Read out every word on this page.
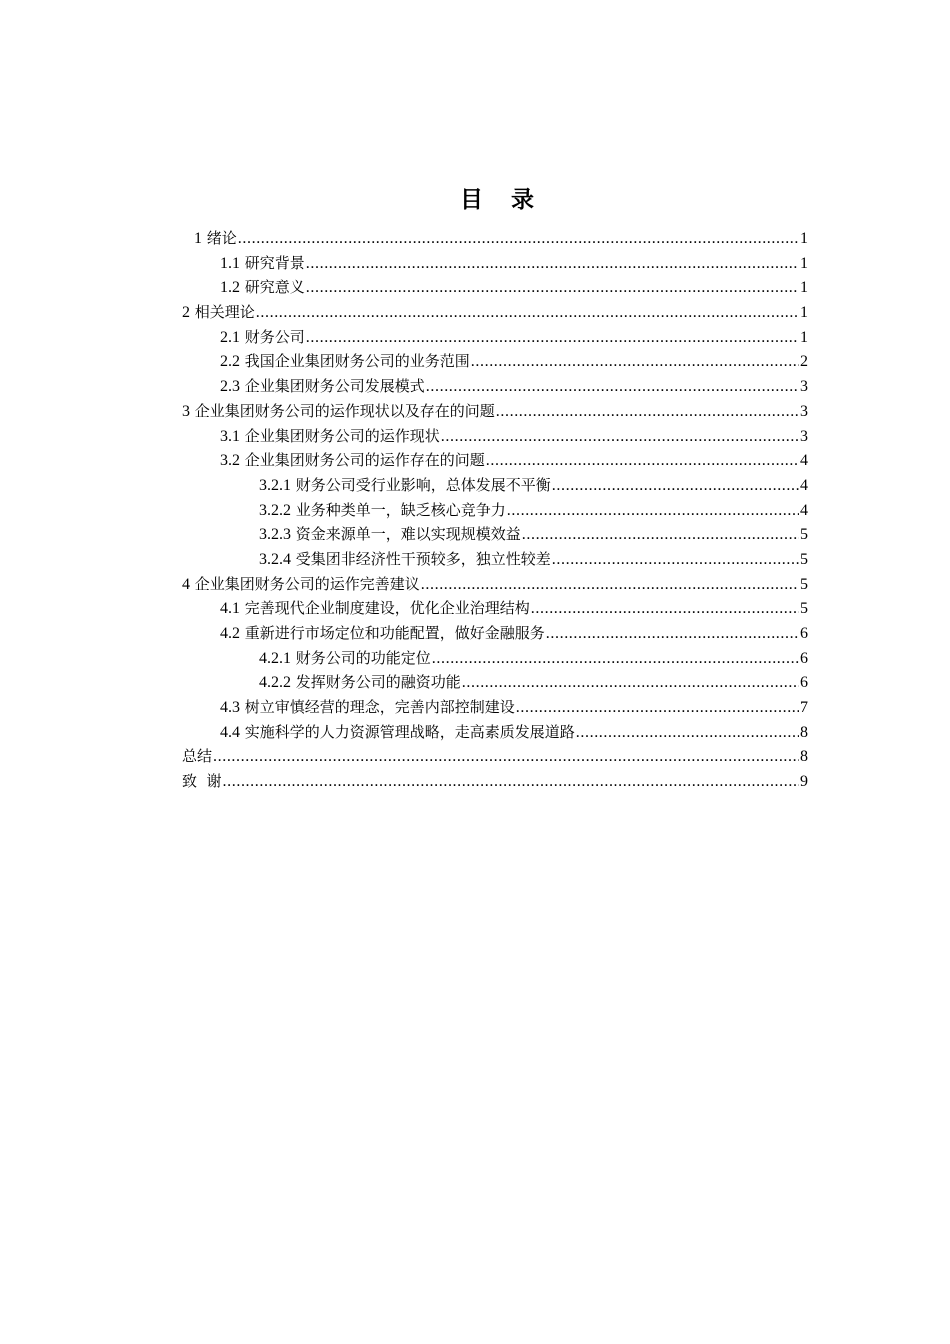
目 录
1 绪论 .....	1
1.1 研究背景 .....	1
1.2 研究意义 .....	1
2 相关理论 .....	1
2.1 财务公司 .....	1
2.2 我国企业集团财务公司的业务范围 .....	2
2.3 企业集团财务公司发展模式 .....	3
3 企业集团财务公司的运作现状以及存在的问题 .....	3
3.1 企业集团财务公司的运作现状 .....	3
3.2 企业集团财务公司的运作存在的问题 .....	4
3.2.1 财务公司受行业影响，总体发展不平衡 .....	4
3.2.2 业务种类单一，缺乏核心竞争力 .....	4
3.2.3 资金来源单一，难以实现规模效益 .....	5
3.2.4 受集团非经济性干预较多，独立性较差 .....	5
4 企业集团财务公司的运作完善建议 .....	5
4.1 完善现代企业制度建设，优化企业治理结构 .....	5
4.2 重新进行市场定位和功能配置，做好金融服务 .....	6
4.2.1 财务公司的功能定位 .....	6
4.2.2 发挥财务公司的融资功能 .....	6
4.3 树立审慎经营的理念，完善内部控制建设 .....	7
4.4 实施科学的人力资源管理战略，走高素质发展道路 .....	8
总结 .....	8
致  谢 .....	9
